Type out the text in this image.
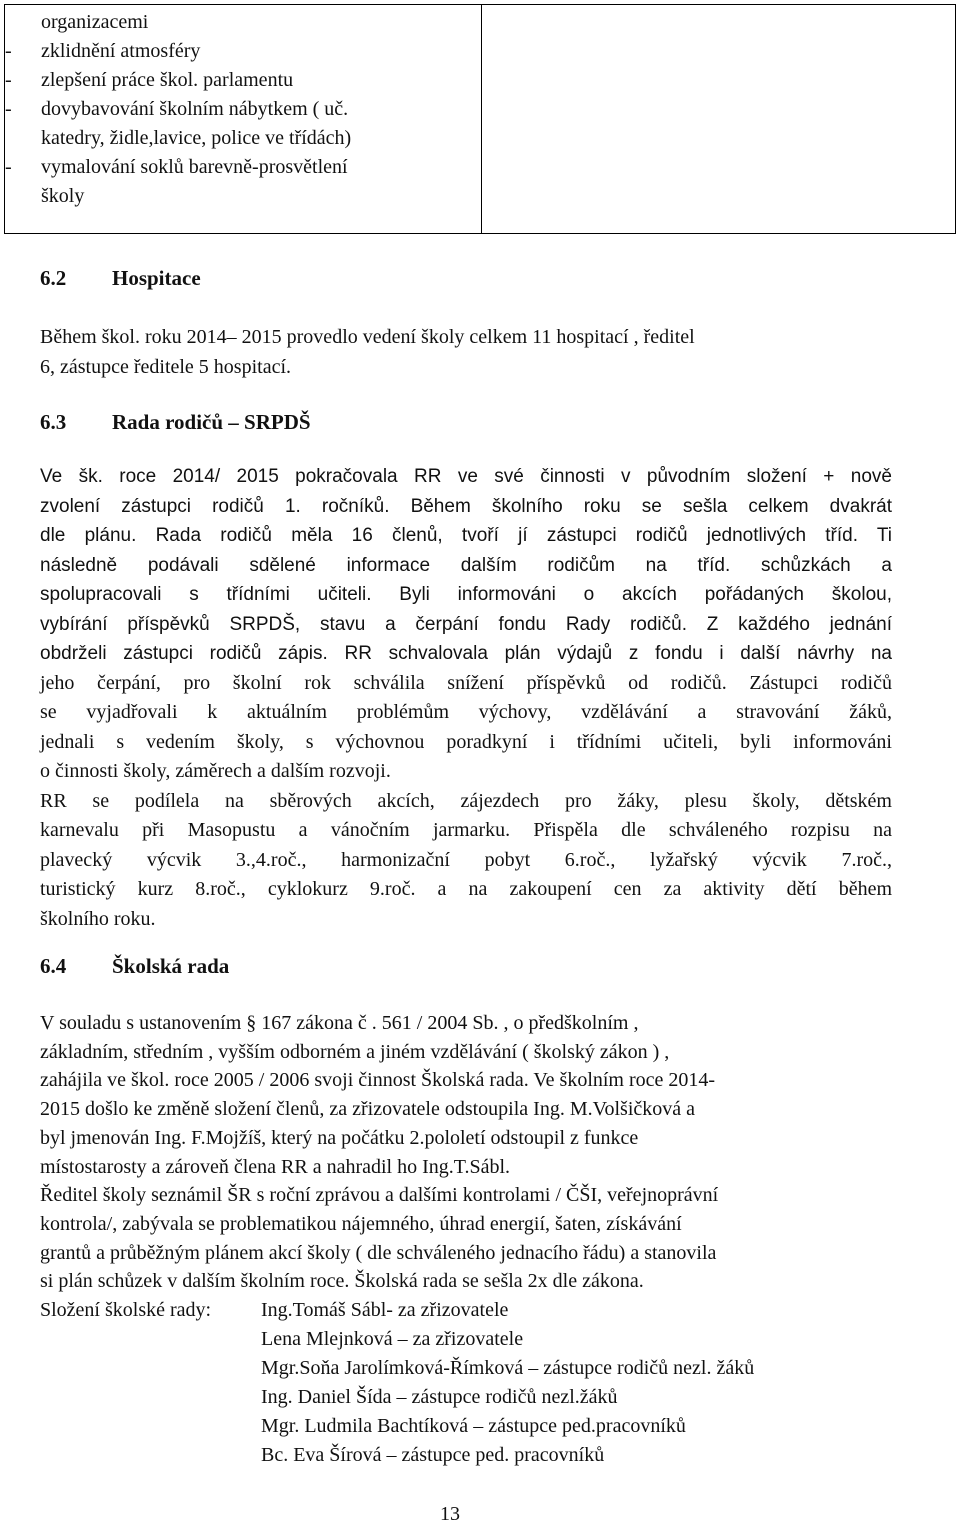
organizacemi
- zklidnění atmosféry
- zlepšení práce škol. parlamentu
- dovybavování školním nábytkem ( uč.
katedry, židle,lavice, police ve třídách)
- vymalování soklů barevně-prosvětlení
školy
6.2 Hospitace
Během škol. roku 2014– 2015 provedlo vedení školy celkem 11 hospitací , ředitel
6, zástupce ředitele 5 hospitací.
6.3 Rada rodičů – SRPDŠ
Ve šk. roce 2014/ 2015 pokračovala RR ve své činnosti v původním složení + nově
zvolení zástupci rodičů 1. ročníků. Během školního roku se sešla celkem dvakrát
dle plánu. Rada rodičů měla 16 členů, tvoří jí zástupci rodičů jednotlivých tříd. Ti
následně podávali sdělené informace dalším rodičům na tříd. schůzkách a
spolupracovali s třídními učiteli. Byli informováni o akcích pořádaných školou,
vybírání příspěvků SRPDŠ, stavu a čerpání fondu Rady rodičů. Z každého jednání
obdrželi zástupci rodičů zápis. RR schvalovala plán výdajů z fondu i další návrhy na
jeho čerpání, pro školní rok schválila snížení příspěvků od rodičů. Zástupci rodičů
se vyjadřovali k aktuálním problémům výchovy, vzdělávání a stravování žáků,
jednali s vedením školy, s výchovnou poradkyní i třídními učiteli, byli informováni
o činnosti školy, záměrech a dalším rozvoji.
RR se podílela na sběrových akcích, zájezdech pro žáky, plesu školy, dětském
karnevalu při Masopustu a vánočním jarmarku. Přispěla dle schváleného rozpisu na
plavecký výcvik 3.,4.roč., harmonizační pobyt 6.roč., lyžařský výcvik 7.roč.,
turistický kurz 8.roč., cyklokurz 9.roč. a na zakoupení cen za aktivity dětí během
školního roku.
6.4 Školská rada
V souladu s ustanovením § 167 zákona č . 561 / 2004 Sb. , o předškolním ,
základním, středním , vyšším odborném a jiném vzdělávání ( školský zákon ) ,
zahájila ve škol. roce 2005 / 2006 svoji činnost Školská rada. Ve školním roce 2014-
2015 došlo ke změně složení členů, za zřizovatele odstoupila Ing. M.Volšičková a
byl jmenován Ing. F.Mojžíš, který na počátku 2.pololetí odstoupil z funkce
místostarosty a zároveň člena RR a nahradil ho Ing.T.Sábl.
Ředitel školy seznámil ŠR s roční zprávou a dalšími kontrolami / ČŠI, veřejnoprávní
kontrola/, zabývala se problematikou nájemného, úhrad energií, šaten, získávání
grantů a průběžným plánem akcí školy ( dle schváleného jednacího řádu) a stanovila
si plán schůzek v dalším školním roce. Školská rada se sešla 2x dle zákona.
Složení školské rady: Ing.Tomáš Sábl- za zřizovatele
Lena Mlejnková – za zřizovatele
Mgr.Soňa Jarolímková-Římková – zástupce rodičů nezl. žáků
Ing. Daniel Šída – zástupce rodičů nezl.žáků
Mgr. Ludmila Bachtíková – zástupce ped.pracovníků
Bc. Eva Šírová – zástupce ped. pracovníků
13
